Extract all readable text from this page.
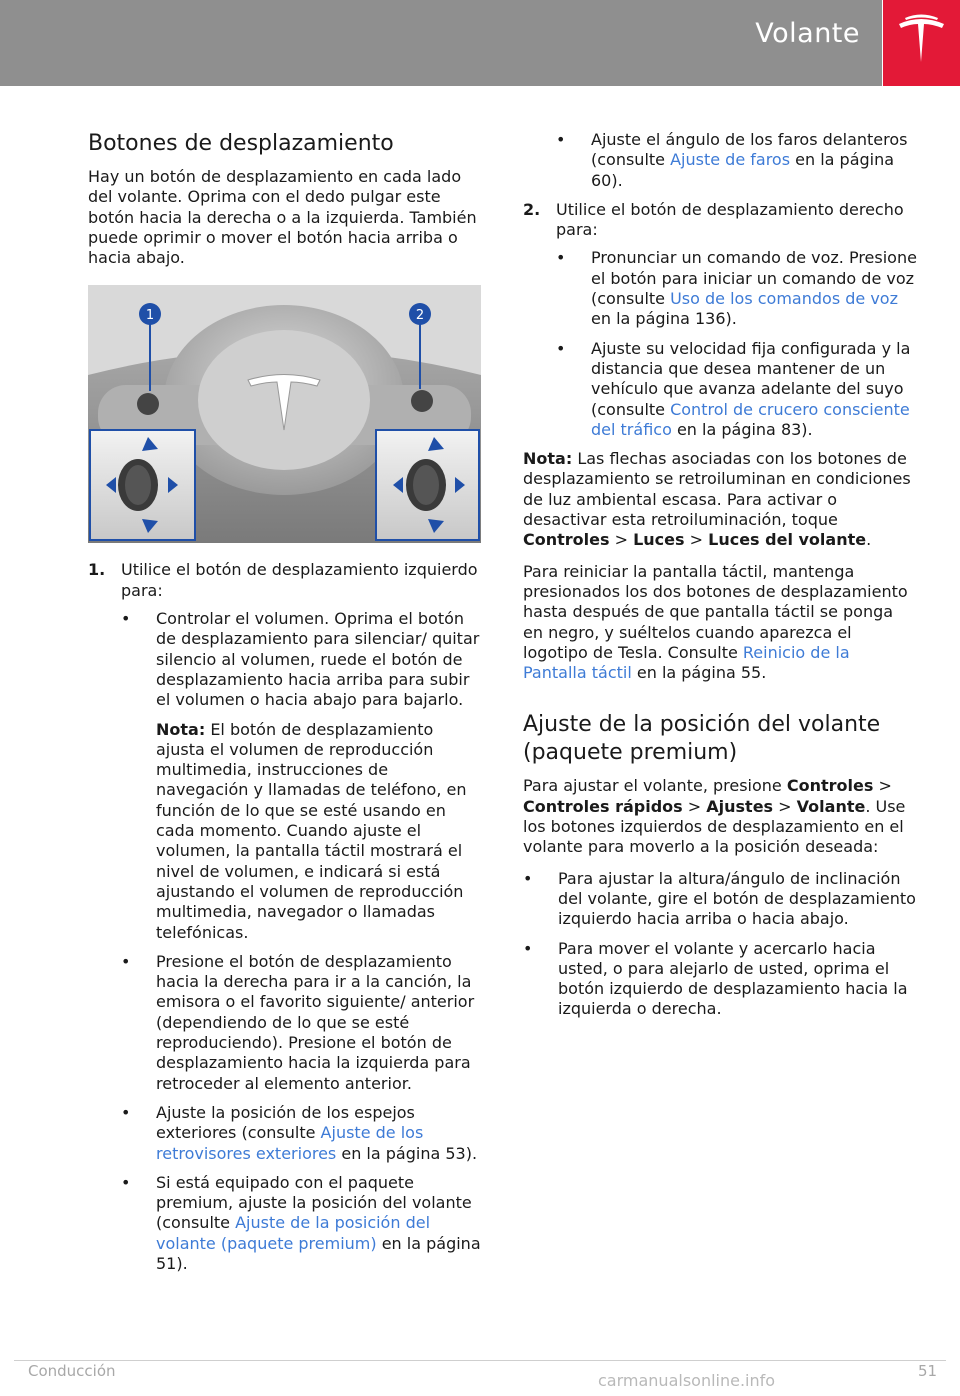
Volante
Botones de desplazamiento

Hay un botón de desplazamiento en cada lado del volante. Oprima con el dedo pulgar este botón hacia la derecha o a la izquierda. También puede oprimir o mover el botón hacia arriba o hacia abajo.

1	2
1. Utilice el botón de desplazamiento izquierdo para:
• Controlar el volumen. Oprima el botón de desplazamiento para silenciar/ quitar silencio al volumen, ruede el botón de desplazamiento hacia arriba para subir el volumen o hacia abajo para bajarlo.
Nota: El botón de desplazamiento ajusta el volumen de reproducción multimedia, instrucciones de navegación y llamadas de teléfono, en función de lo que se esté usando en cada momento. Cuando ajuste el volumen, la pantalla táctil mostrará el nivel de volumen, e indicará si está ajustando el volumen de reproducción multimedia, navegador o llamadas telefónicas.
• Presione el botón de desplazamiento hacia la derecha para ir a la canción, la emisora o el favorito siguiente/ anterior (dependiendo de lo que se esté reproduciendo). Presione el botón de desplazamiento hacia la izquierda para retroceder al elemento anterior.
• Ajuste la posición de los espejos exteriores (consulte Ajuste de los retrovisores exteriores en la página 53).
• Si está equipado con el paquete premium, ajuste la posición del volante (consulte Ajuste de la posición del volante (paquete premium) en la página 51).
• Ajuste el ángulo de los faros delanteros (consulte Ajuste de faros en la página 60).
2. Utilice el botón de desplazamiento derecho para:
• Pronunciar un comando de voz. Presione el botón para iniciar un comando de voz (consulte Uso de los comandos de voz en la página 136).
• Ajuste su velocidad fija configurada y la distancia que desea mantener de un vehículo que avanza adelante del suyo (consulte Control de crucero consciente del tráfico en la página 83).

Nota: Las flechas asociadas con los botones de desplazamiento se retroiluminan en condiciones de luz ambiental escasa. Para activar o desactivar esta retroiluminación, toque Controles > Luces > Luces del volante.

Para reiniciar la pantalla táctil, mantenga presionados los dos botones de desplazamiento hasta después de que pantalla táctil se ponga en negro, y suéltelos cuando aparezca el logotipo de Tesla. Consulte Reinicio de la Pantalla táctil en la página 55.

Ajuste de la posición del volante (paquete premium)

Para ajustar el volante, presione Controles > Controles rápidos > Ajustes > Volante. Use los botones izquierdos de desplazamiento en el volante para moverlo a la posición deseada:

• Para ajustar la altura/ángulo de inclinación del volante, gire el botón de desplazamiento izquierdo hacia arriba o hacia abajo.
• Para mover el volante y acercarlo hacia usted, o para alejarlo de usted, oprima el botón izquierdo de desplazamiento hacia la izquierda o derecha.
Conducción	51
carmanualsonline.info
